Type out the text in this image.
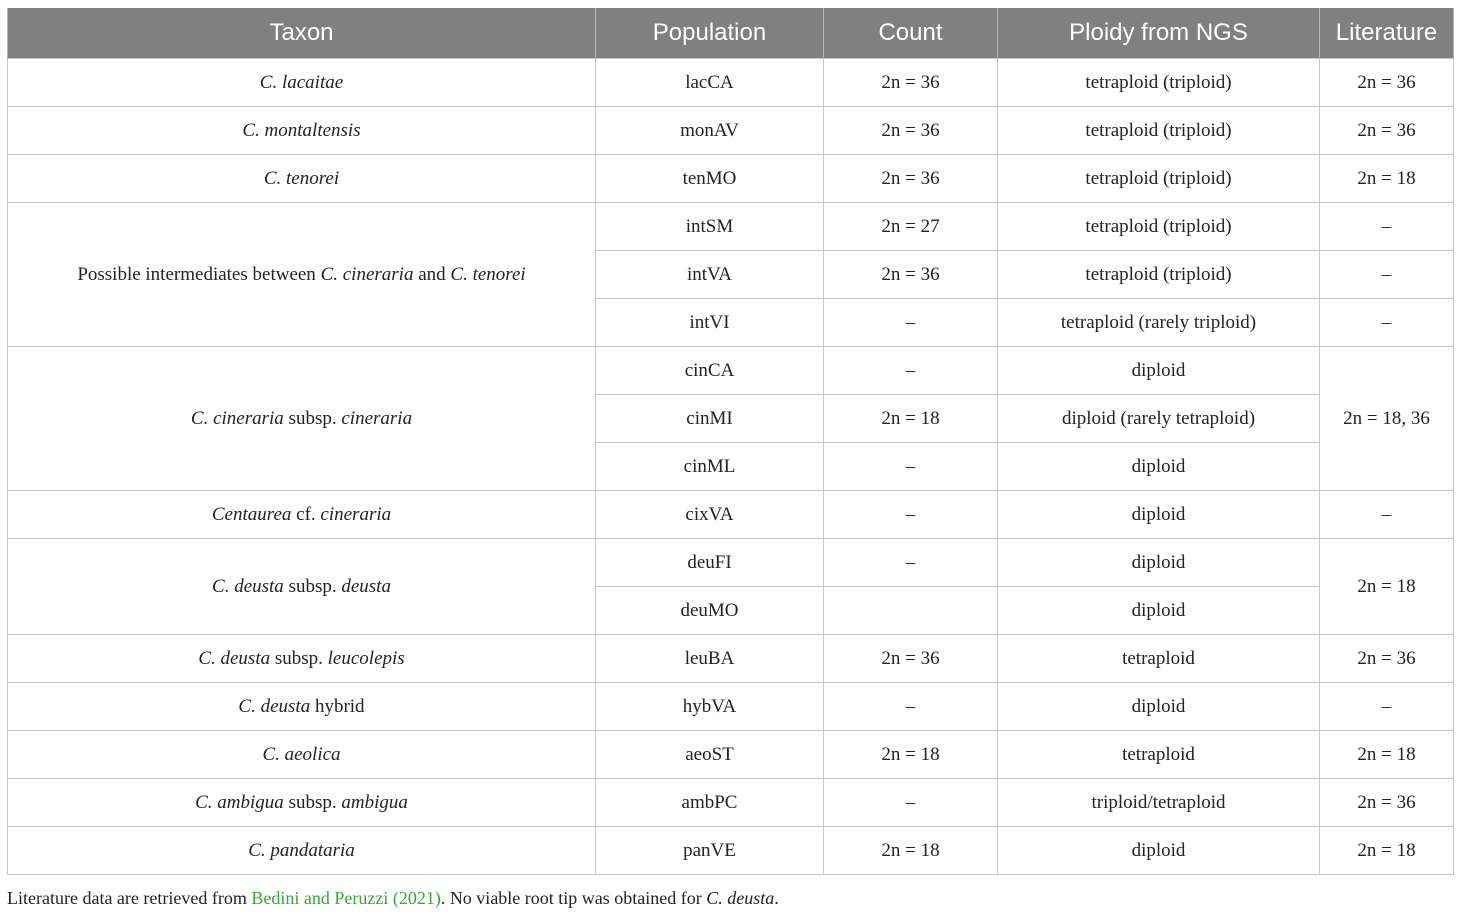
Taxon	Population	Count	Ploidy from NGS	Literature
C. lacaitae	lacCA	2n = 36	tetraploid (triploid)	2n = 36
C. montaltensis	monAV	2n = 36	tetraploid (triploid)	2n = 36
C. tenorei	tenMO	2n = 36	tetraploid (triploid)	2n = 18
Possible intermediates between C. cineraria and C. tenorei	intSM	2n = 27	tetraploid (triploid)	–
	intVA	2n = 36	tetraploid (triploid)	–
	intVI	–	tetraploid (rarely triploid)	–
C. cineraria subsp. cineraria	cinCA	–	diploid	2n = 18, 36
	cinMI	2n = 18	diploid (rarely tetraploid)	
	cinML	–	diploid	
Centaurea cf. cineraria	cixVA	–	diploid	–
C. deusta subsp. deusta	deuFI	–	diploid	2n = 18
	deuMO		diploid	
C. deusta subsp. leucolepis	leuBA	2n = 36	tetraploid	2n = 36
C. deusta hybrid	hybVA	–	diploid	–
C. aeolica	aeoST	2n = 18	tetraploid	2n = 18
C. ambigua subsp. ambigua	ambPC	–	triploid/tetraploid	2n = 36
C. pandataria	panVE	2n = 18	diploid	2n = 18
Literature data are retrieved from Bedini and Peruzzi (2021). No viable root tip was obtained for C. deusta.
